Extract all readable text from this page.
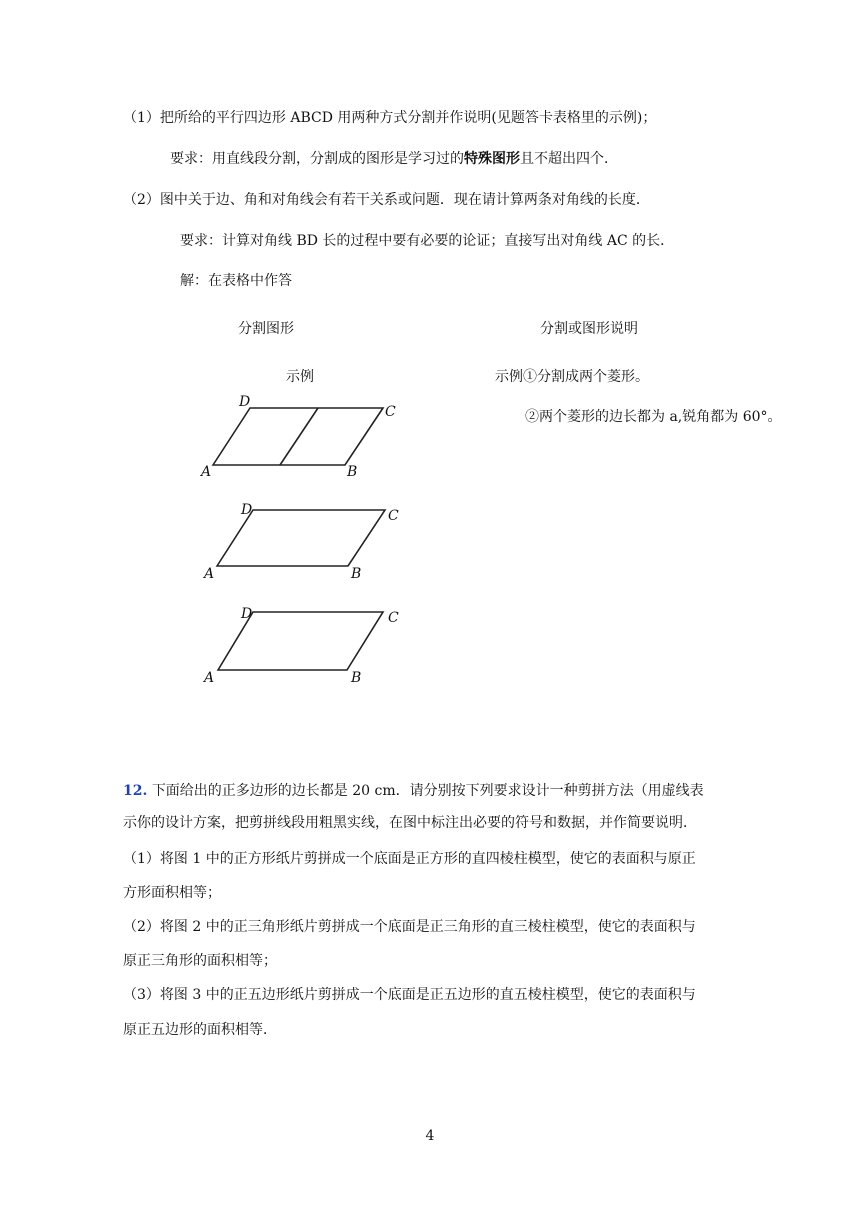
（1）把所给的平行四边形 ABCD 用两种方式分割并作说明(见题答卡表格里的示例)；
要求：用直线段分割，分割成的图形是学习过的特殊图形且不超出四个．
（2）图中关于边、角和对角线会有若干关系或问题．现在请计算两条对角线的长度．
要求：计算对角线 BD 长的过程中要有必要的论证；直接写出对角线 AC 的长．
解：在表格中作答
分割图形	分割或图形说明
示例	示例①分割成两个菱形。
②两个菱形的边长都为 a,锐角都为 60°。
D
C
A	B
D	C
A	B
D	C
A	B
12. 下面给出的正多边形的边长都是 20 cm．请分别按下列要求设计一种剪拼方法（用虚线表
示你的设计方案，把剪拼线段用粗黑实线，在图中标注出必要的符号和数据，并作简要说明．
（1）将图 1 中的正方形纸片剪拼成一个底面是正方形的直四棱柱模型，使它的表面积与原正
方形面积相等；
（2）将图 2 中的正三角形纸片剪拼成一个底面是正三角形的直三棱柱模型，使它的表面积与
原正三角形的面积相等；
（3）将图 3 中的正五边形纸片剪拼成一个底面是正五边形的直五棱柱模型，使它的表面积与
原正五边形的面积相等．
4
